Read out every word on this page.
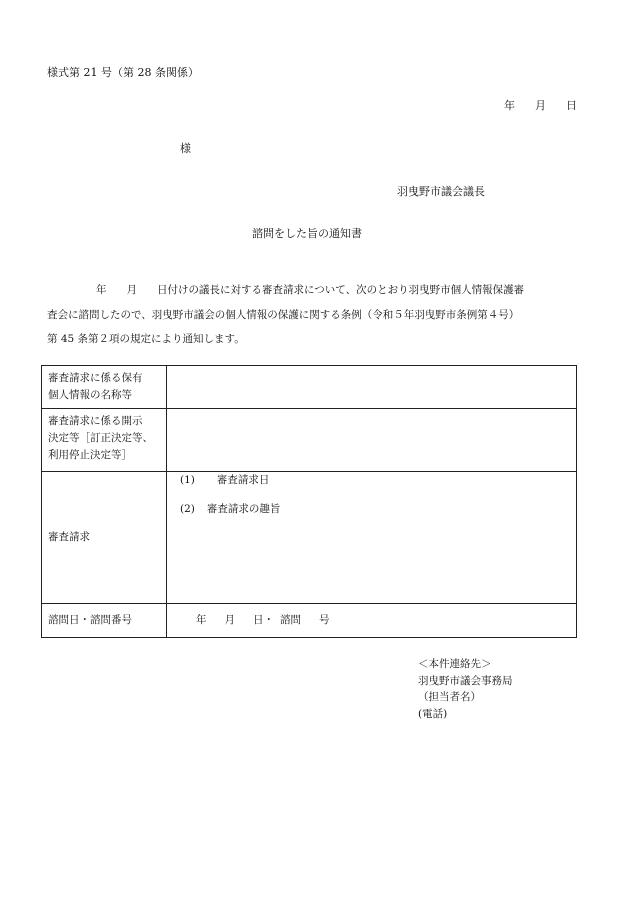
様式第 21 号（第 28 条関係）
年 月 日
様
羽曳野市議会議長
諮問をした旨の通知書
年 月 日付けの議長に対する審査請求について、次のとおり羽曳野市個人情報保護審
査会に諮問したので、羽曳野市議会の個人情報の保護に関する条例（令和５年羽曳野市条例第４号）
第 45 条第２項の規定により通知します。
審査請求に係る保有
個人情報の名称等	

審査請求に係る開示
決定等［訂正決定等、
利用停止決定等］	

審査請求	(1) 審査請求日
(2) 審査請求の趣旨

諮問日・諮問番号	年 月 日・ 諮問 号
＜本件連絡先＞
羽曳野市議会事務局
（担当者名）
(電話)
